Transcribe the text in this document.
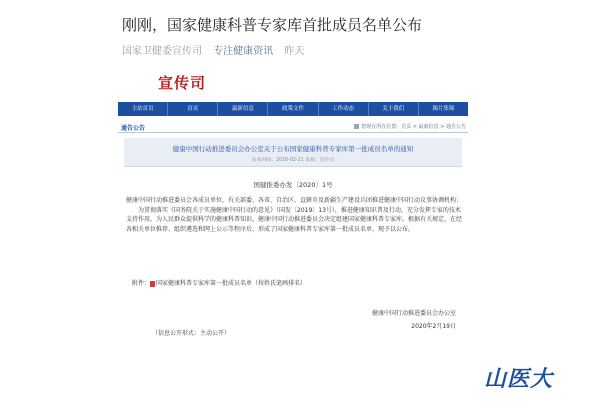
刚刚，国家健康科普专家库首批成员名单公布
国家卫健委宣传司 专注健康资讯 昨天
宣传司
主站首页	首页	最新信息	政策文件	工作动态	关于我们	图片集锦
通告公告	您现在所在位置：首页 > 最新信息 > 通告公告
健康中国行动推进委员会办公室关于公布国家健康科普专家库第一批成员名单的通知
发布时间：2020-02-21 来源：宣传司
国健推委办发〔2020〕1号

健康中国行动推进委员会各成员单位，有关部委、各省、自治区、直辖市及新疆生产建设兵团推进健康中国行动议事协调机构：

为贯彻落实《国务院关于实施健康中国行动的意见》（国发〔2019〕13号），推进健康知识普及行动，充分发挥专家的技术支持作用，为人民群众提供科学的健康科普知识，健康中国行动推进委员会决定组建国家健康科普专家库。根据有关规定，在经各相关单位推荐、组织遴选和网上公示等程序后，形成了国家健康科普专家库第一批成员名单，现予以公布。

附件： 国家健康科普专家库第一批成员名单（按姓氏笔画排名）
健康中国行动推进委员会办公室
2020年2月19日
（信息公开形式：主动公开）
山医大
